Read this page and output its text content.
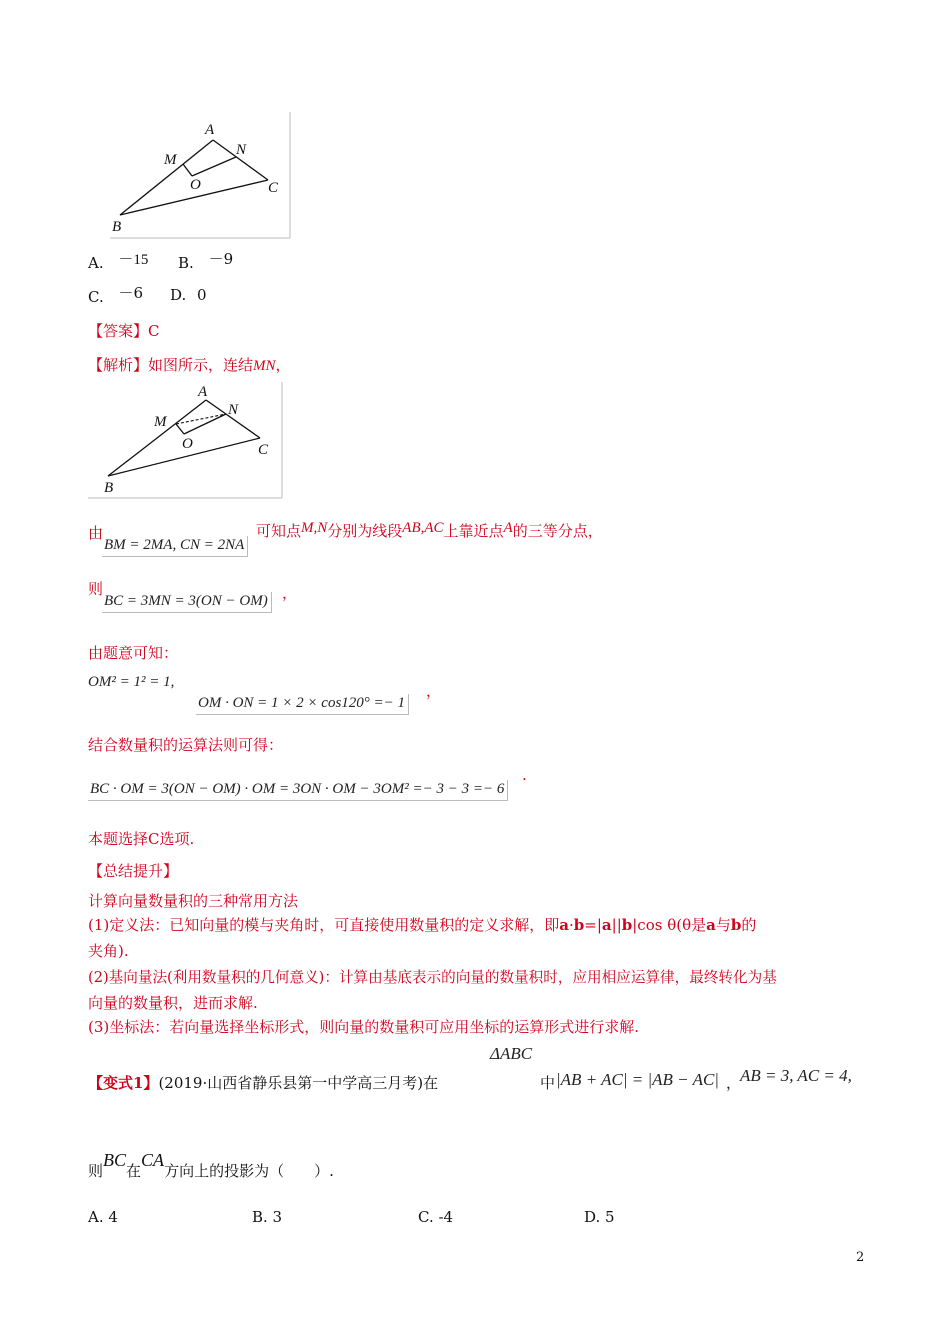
A
M
N
O	C
B
A. －15 B. －9
C. －6 D. 0
【答案】C
【解析】如图所示，连结MN，
A
M
N
O	C
B
由
BM = 2MA, CN = 2NA
可知点M,N分别为线段AB,AC上靠近点A的三等分点，
则
BC = 3MN = 3(ON − OM) ，
由题意可知：
OM² = 1² = 1,
OM · ON = 1 × 2 × cos120° =− 1
，
结合数量积的运算法则可得：
BC · OM = 3(ON − OM) · OM = 3ON · OM − 3OM² =− 3 − 3 =− 6
.
本题选择C选项.
【总结提升】
计算向量数量积的三种常用方法
(1)定义法：已知向量的模与夹角时，可直接使用数量积的定义求解，即a·b=|a||b|cos θ(θ是a与b的
夹角).
(2)基向量法(利用数量积的几何意义)：计算由基底表示的向量的数量积时，应用相应运算律，最终转化为基
向量的数量积，进而求解.
(3)坐标法：若向量选择坐标形式，则向量的数量积可应用坐标的运算形式进行求解.
ΔABC
【变式1】(2019·山西省静乐县第一中学高三月考)在	中 |AB + AC| = |AB − AC| ，
AB = 3, AC = 4,
则BC在CA方向上的投影为（　　）.
A. 4	B. 3	C. -4	D. 5
2
